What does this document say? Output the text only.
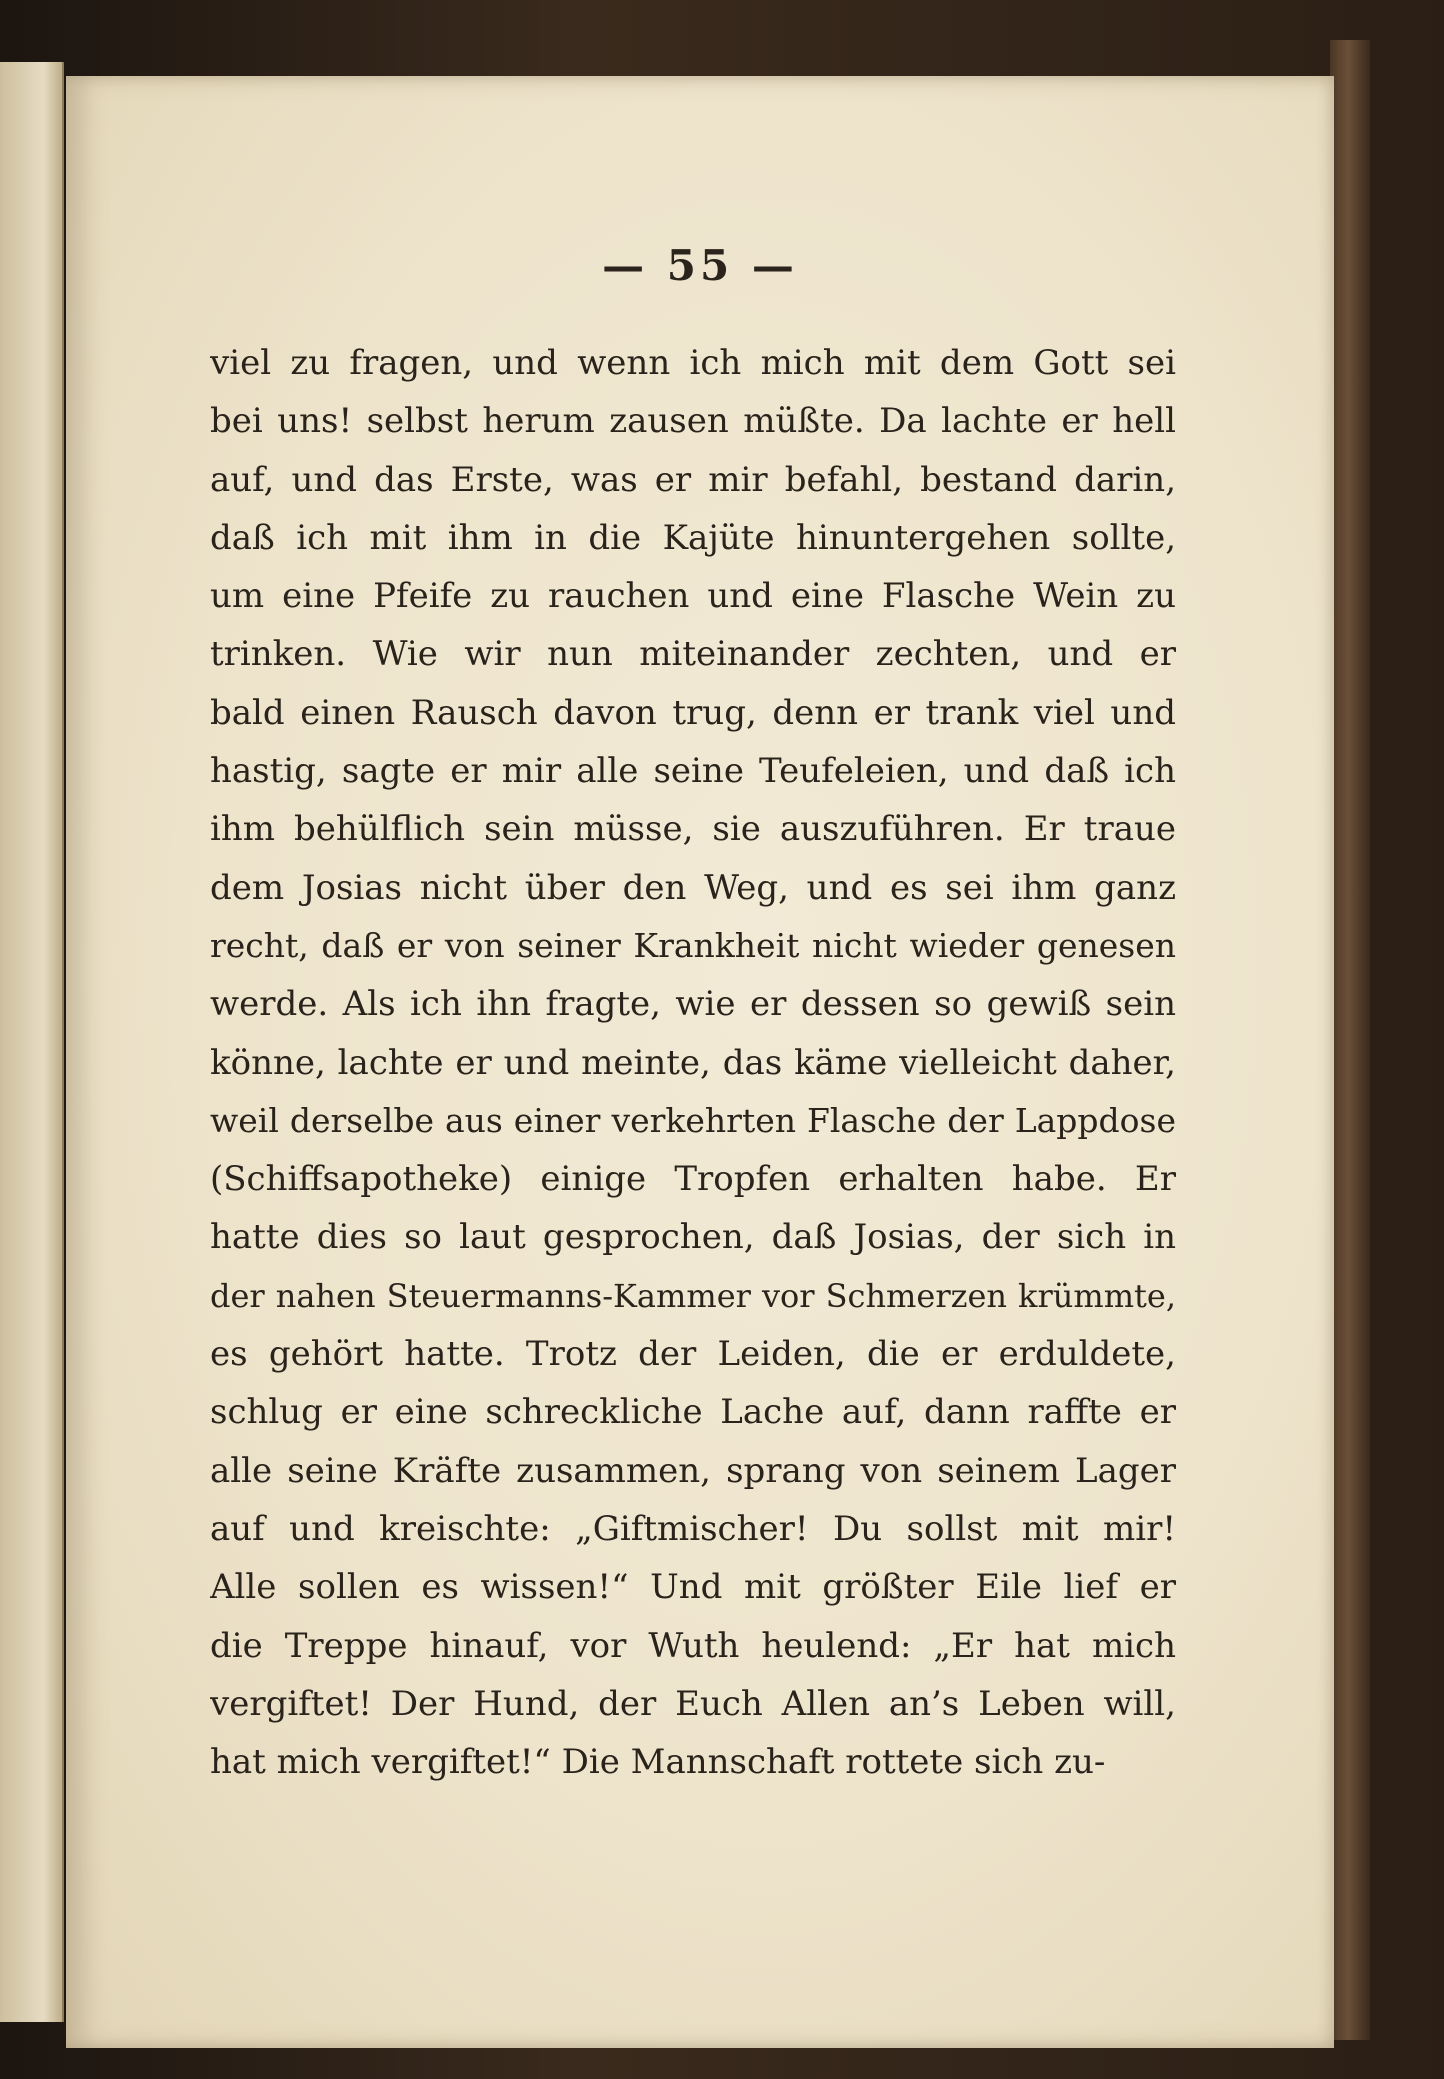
— 55 —
viel zu fragen, und wenn ich mich mit dem Gott sei
bei uns! selbst herum zausen müßte. Da lachte er hell
auf, und das Erste, was er mir befahl, bestand darin,
daß ich mit ihm in die Kajüte hinuntergehen sollte,
um eine Pfeife zu rauchen und eine Flasche Wein zu
trinken. Wie wir nun miteinander zechten, und er
bald einen Rausch davon trug, denn er trank viel und
hastig, sagte er mir alle seine Teufeleien, und daß ich
ihm behülflich sein müsse, sie auszuführen. Er traue
dem Josias nicht über den Weg, und es sei ihm ganz
recht, daß er von seiner Krankheit nicht wieder genesen
werde. Als ich ihn fragte, wie er dessen so gewiß sein
könne, lachte er und meinte, das käme vielleicht daher,
weil derselbe aus einer verkehrten Flasche der Lappdose
(Schiffsapotheke) einige Tropfen erhalten habe. Er
hatte dies so laut gesprochen, daß Josias, der sich in
der nahen Steuermanns-Kammer vor Schmerzen krümmte,
es gehört hatte. Trotz der Leiden, die er erduldete,
schlug er eine schreckliche Lache auf, dann raffte er
alle seine Kräfte zusammen, sprang von seinem Lager
auf und kreischte: „Giftmischer! Du sollst mit mir!
Alle sollen es wissen!“ Und mit größter Eile lief er
die Treppe hinauf, vor Wuth heulend: „Er hat mich
vergiftet! Der Hund, der Euch Allen an’s Leben will,
hat mich vergiftet!“ Die Mannschaft rottete sich zu-
